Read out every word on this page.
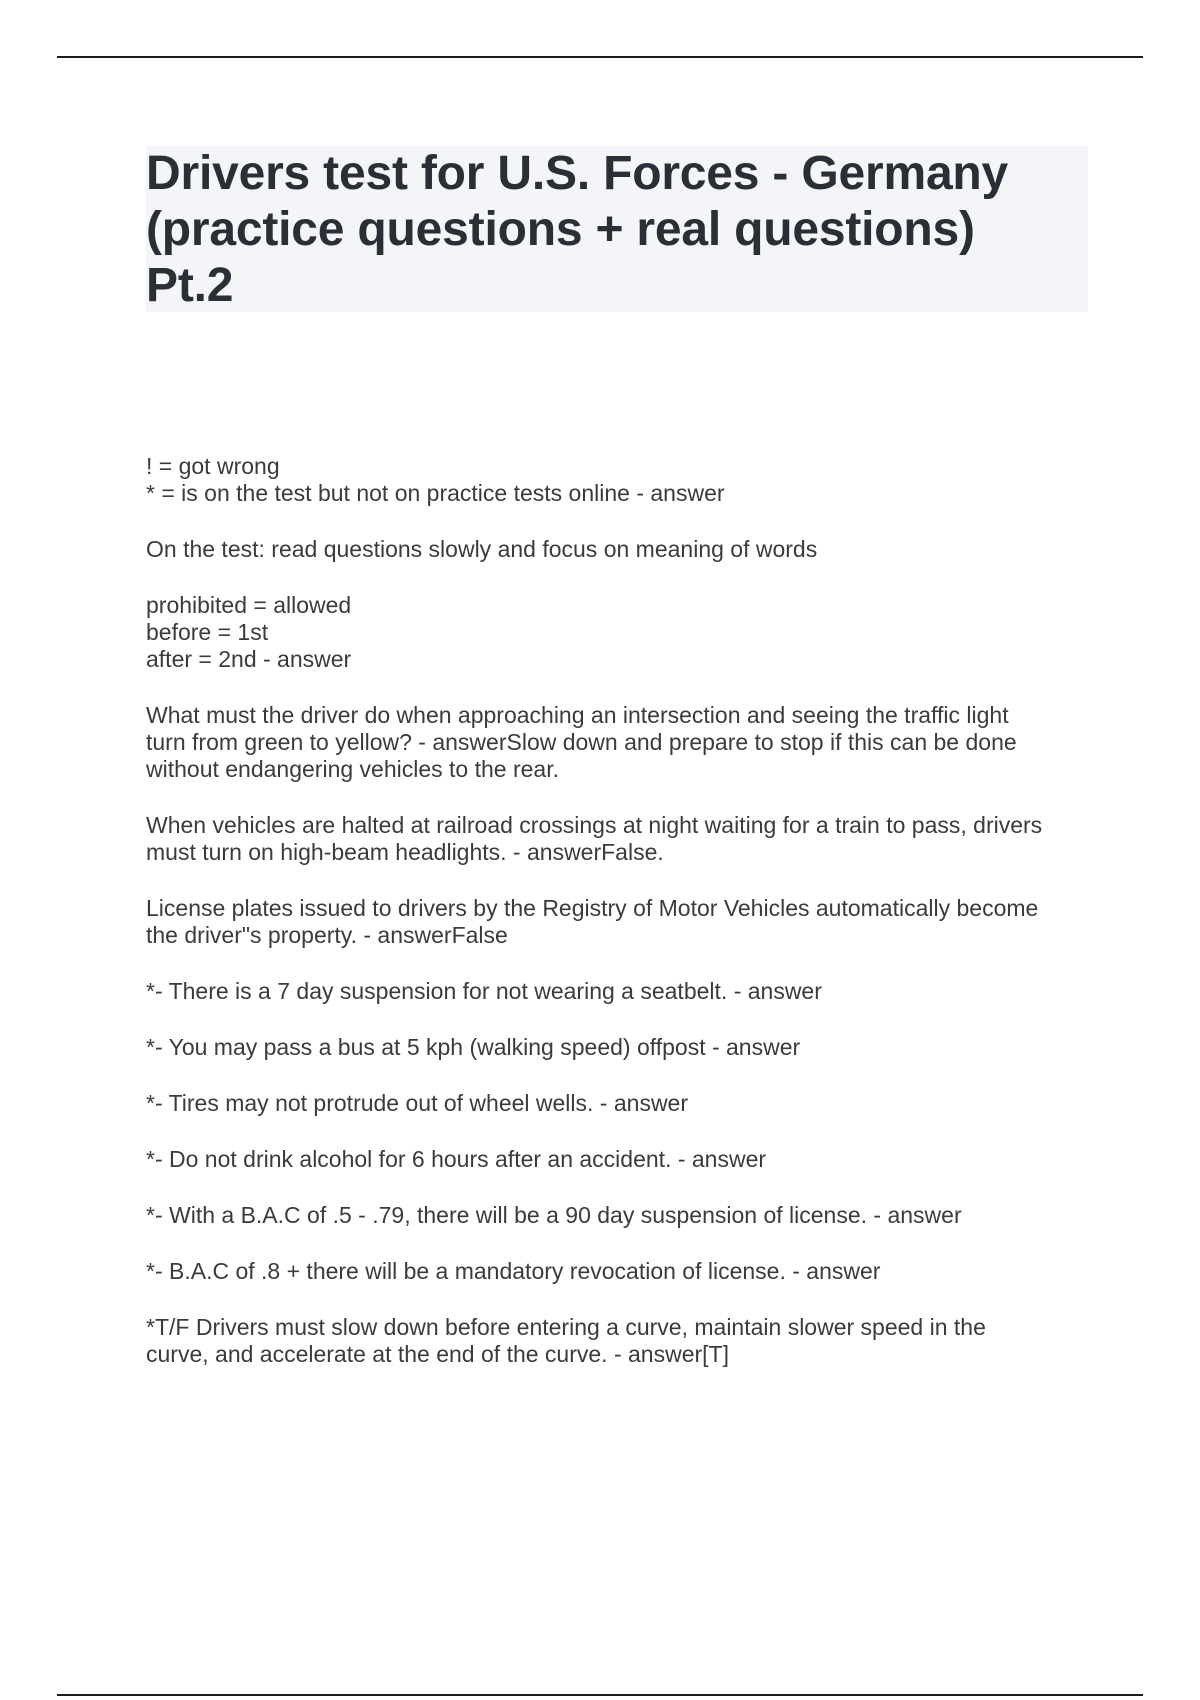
Drivers test for U.S. Forces - Germany
(practice questions + real questions)
Pt.2

! = got wrong
* = is on the test but not on practice tests online - answer

On the test: read questions slowly and focus on meaning of words

prohibited = allowed
before = 1st
after = 2nd - answer

What must the driver do when approaching an intersection and seeing the traffic light
turn from green to yellow? - answerSlow down and prepare to stop if this can be done
without endangering vehicles to the rear.

When vehicles are halted at railroad crossings at night waiting for a train to pass, drivers
must turn on high-beam headlights. - answerFalse.

License plates issued to drivers by the Registry of Motor Vehicles automatically become
the driver"s property. - answerFalse

*- There is a 7 day suspension for not wearing a seatbelt. - answer

*- You may pass a bus at 5 kph (walking speed) offpost - answer

*- Tires may not protrude out of wheel wells. - answer

*- Do not drink alcohol for 6 hours after an accident. - answer

*- With a B.A.C of .5 - .79, there will be a 90 day suspension of license. - answer

*- B.A.C of .8 + there will be a mandatory revocation of license. - answer

*T/F Drivers must slow down before entering a curve, maintain slower speed in the
curve, and accelerate at the end of the curve. - answer[T]
